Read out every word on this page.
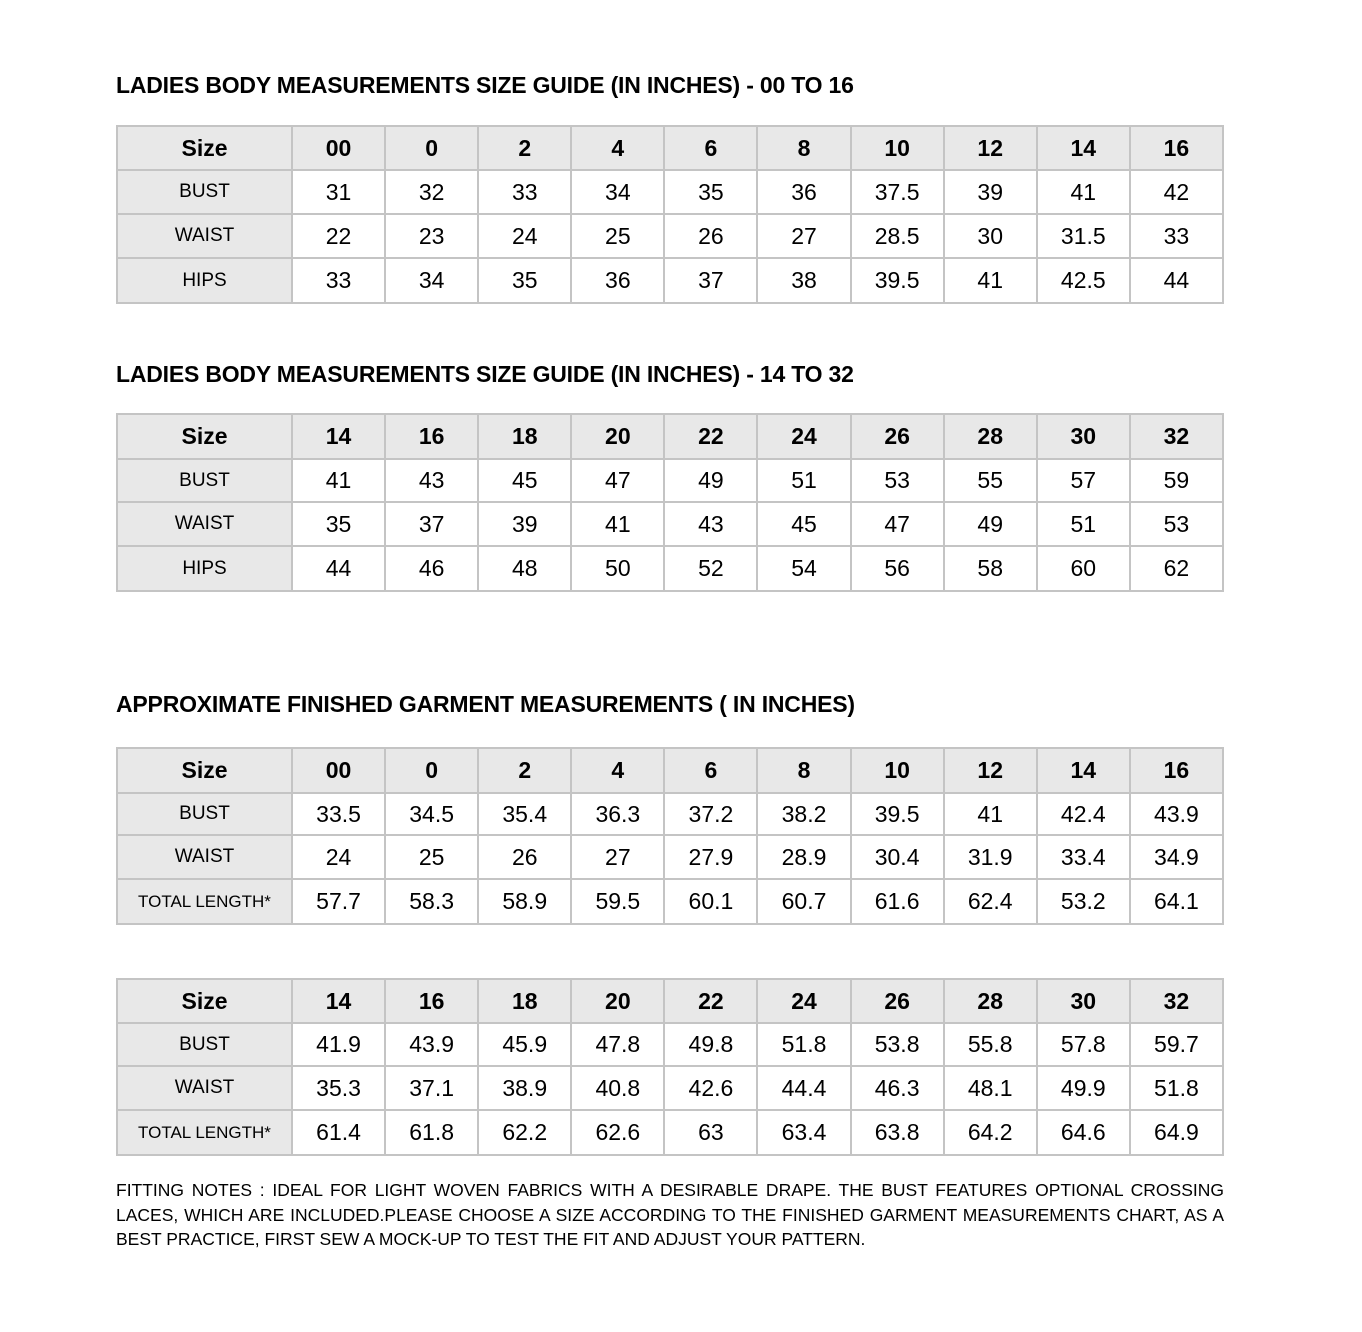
LADIES BODY MEASUREMENTS SIZE GUIDE (IN INCHES) - 00 TO 16
Size	00	0	2	4	6	8	10	12	14	16
BUST	31	32	33	34	35	36	37.5	39	41	42
WAIST	22	23	24	25	26	27	28.5	30	31.5	33
HIPS	33	34	35	36	37	38	39.5	41	42.5	44
LADIES BODY MEASUREMENTS SIZE GUIDE (IN INCHES) - 14 TO 32
Size	14	16	18	20	22	24	26	28	30	32
BUST	41	43	45	47	49	51	53	55	57	59
WAIST	35	37	39	41	43	45	47	49	51	53
HIPS	44	46	48	50	52	54	56	58	60	62
APPROXIMATE FINISHED GARMENT MEASUREMENTS ( IN INCHES)
Size	00	0	2	4	6	8	10	12	14	16
BUST	33.5	34.5	35.4	36.3	37.2	38.2	39.5	41	42.4	43.9
WAIST	24	25	26	27	27.9	28.9	30.4	31.9	33.4	34.9
TOTAL LENGTH*	57.7	58.3	58.9	59.5	60.1	60.7	61.6	62.4	53.2	64.1
Size	14	16	18	20	22	24	26	28	30	32
BUST	41.9	43.9	45.9	47.8	49.8	51.8	53.8	55.8	57.8	59.7
WAIST	35.3	37.1	38.9	40.8	42.6	44.4	46.3	48.1	49.9	51.8
TOTAL LENGTH*	61.4	61.8	62.2	62.6	63	63.4	63.8	64.2	64.6	64.9

FITTING NOTES : IDEAL FOR LIGHT WOVEN FABRICS WITH A DESIRABLE DRAPE. THE BUST FEATURES OPTIONAL CROSSING LACES, WHICH ARE INCLUDED.PLEASE CHOOSE A SIZE ACCORDING TO THE FINISHED GARMENT MEASUREMENTS CHART, AS A BEST PRACTICE, FIRST SEW A MOCK-UP TO TEST THE FIT AND ADJUST YOUR PATTERN.
